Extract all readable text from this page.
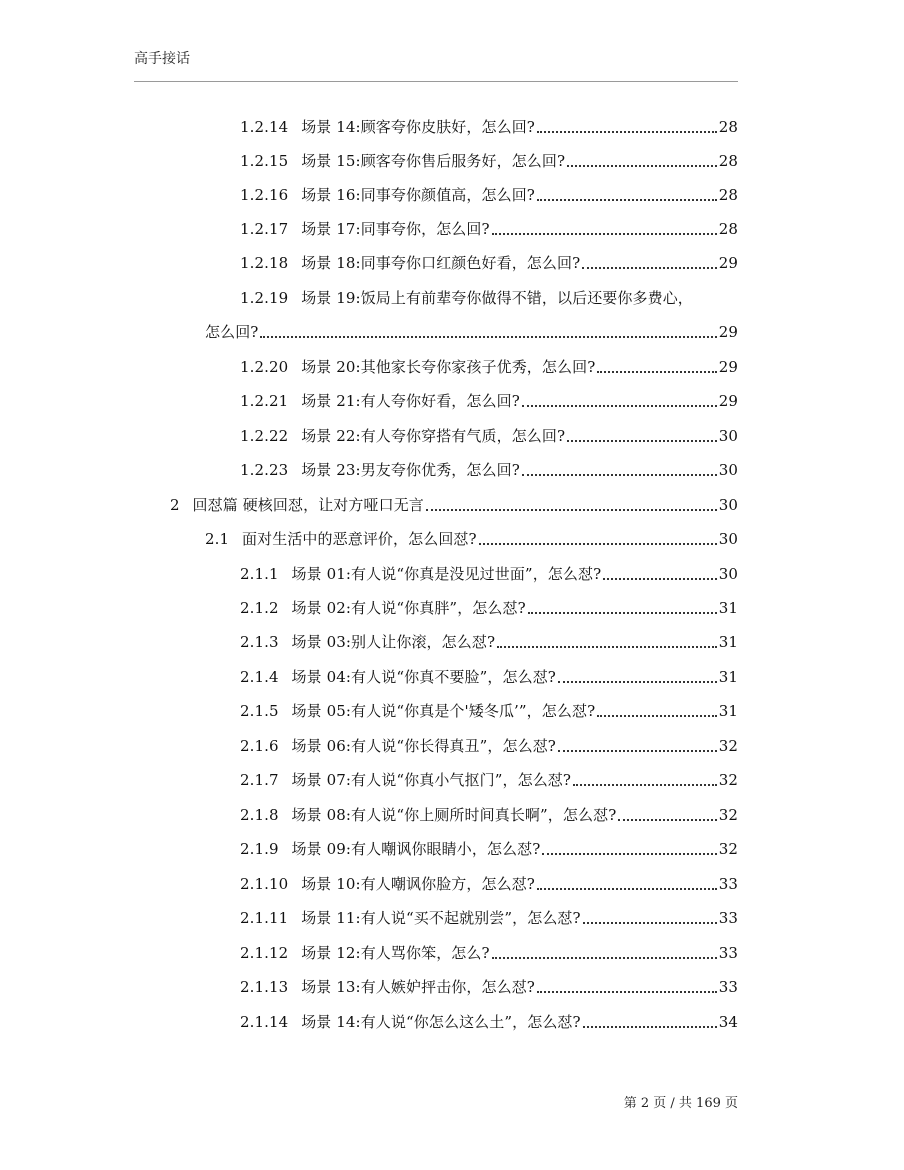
高手接话
1.2.14 场景 14:顾客夸你皮肤好，怎么回?	28
1.2.15 场景 15:顾客夸你售后服务好，怎么回?	28
1.2.16 场景 16:同事夸你颜值高，怎么回?	28
1.2.17 场景 17:同事夸你，怎么回?	28
1.2.18 场景 18:同事夸你口红颜色好看，怎么回?	29
1.2.19 场景 19:饭局上有前辈夸你做得不错，以后还要你多费心，
怎么回?	29
1.2.20 场景 20:其他家长夸你家孩子优秀，怎么回?	29
1.2.21 场景 21:有人夸你好看，怎么回?	29
1.2.22 场景 22:有人夸你穿搭有气质，怎么回?	30
1.2.23 场景 23:男友夸你优秀，怎么回?	30
2 回怼篇 硬核回怼，让对方哑口无言	30
2.1 面对生活中的恶意评价，怎么回怼?	30
2.1.1 场景 01:有人说“你真是没见过世面”，怎么怼?	30
2.1.2 场景 02:有人说“你真胖”，怎么怼?	31
2.1.3 场景 03:别人让你滚，怎么怼?	31
2.1.4 场景 04:有人说“你真不要脸”，怎么怼?	31
2.1.5 场景 05:有人说“你真是个'矮冬瓜’”，怎么怼?	31
2.1.6 场景 06:有人说“你长得真丑”，怎么怼?	32
2.1.7 场景 07:有人说“你真小气抠门”，怎么怼?	32
2.1.8 场景 08:有人说“你上厕所时间真长啊”，怎么怼?	32
2.1.9 场景 09:有人嘲讽你眼睛小，怎么怼?	32
2.1.10 场景 10:有人嘲讽你脸方，怎么怼?	33
2.1.11 场景 11:有人说“买不起就别尝”，怎么怼?	33
2.1.12 场景 12:有人骂你笨，怎么?	33
2.1.13 场景 13:有人嫉妒抨击你，怎么怼?	33
2.1.14 场景 14:有人说“你怎么这么土”，怎么怼?	34
第 2 页 / 共 169 页
